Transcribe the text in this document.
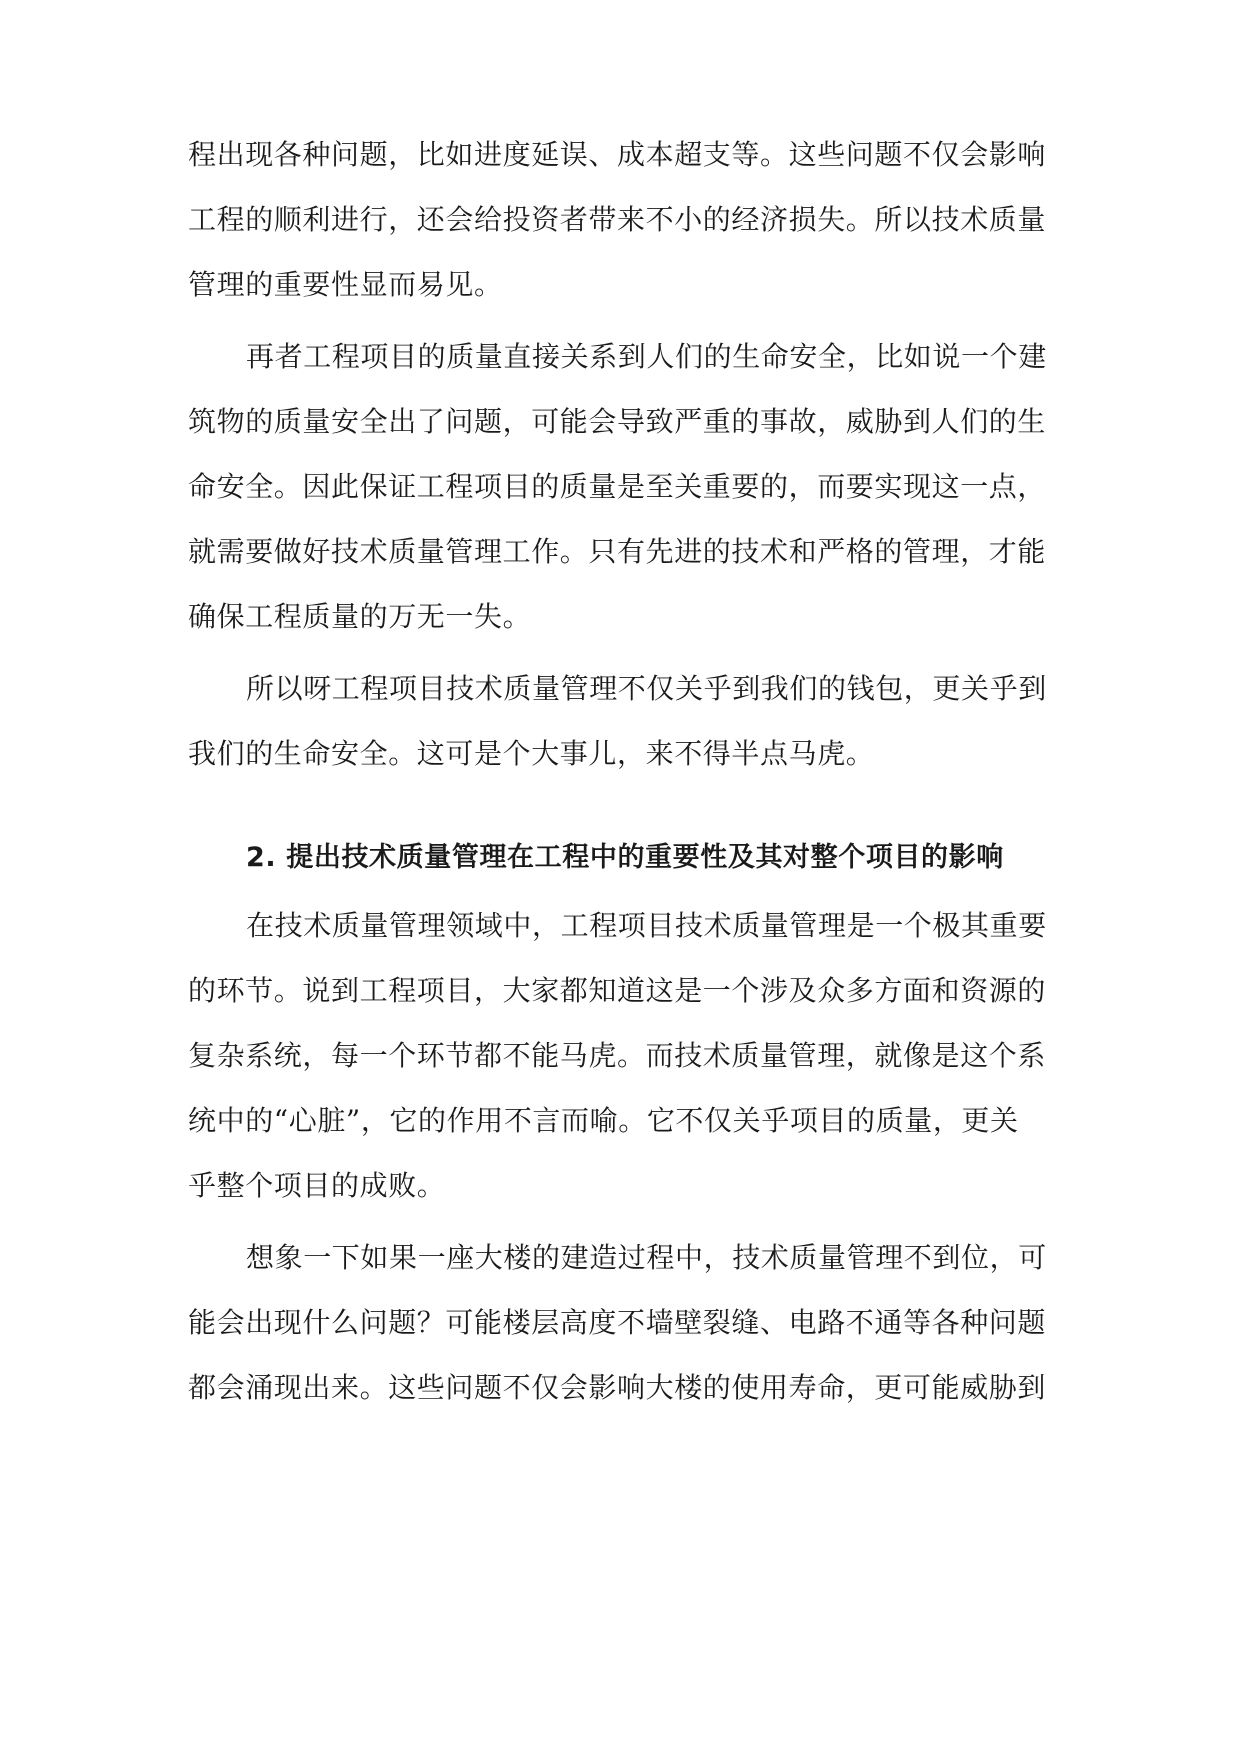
程出现各种问题，比如进度延误、成本超支等。这些问题不仅会影响
工程的顺利进行，还会给投资者带来不小的经济损失。所以技术质量
管理的重要性显而易见。
再者工程项目的质量直接关系到人们的生命安全，比如说一个建
筑物的质量安全出了问题，可能会导致严重的事故，威胁到人们的生
命安全。因此保证工程项目的质量是至关重要的，而要实现这一点，
就需要做好技术质量管理工作。只有先进的技术和严格的管理，才能
确保工程质量的万无一失。
所以呀工程项目技术质量管理不仅关乎到我们的钱包，更关乎到
我们的生命安全。这可是个大事儿，来不得半点马虎。
2. 提出技术质量管理在工程中的重要性及其对整个项目的影响
在技术质量管理领域中，工程项目技术质量管理是一个极其重要
的环节。说到工程项目，大家都知道这是一个涉及众多方面和资源的
复杂系统，每一个环节都不能马虎。而技术质量管理，就像是这个系
统中的“心脏”，它的作用不言而喻。它不仅关乎项目的质量，更关
乎整个项目的成败。
想象一下如果一座大楼的建造过程中，技术质量管理不到位，可
能会出现什么问题？可能楼层高度不墙壁裂缝、电路不通等各种问题
都会涌现出来。这些问题不仅会影响大楼的使用寿命，更可能威胁到
